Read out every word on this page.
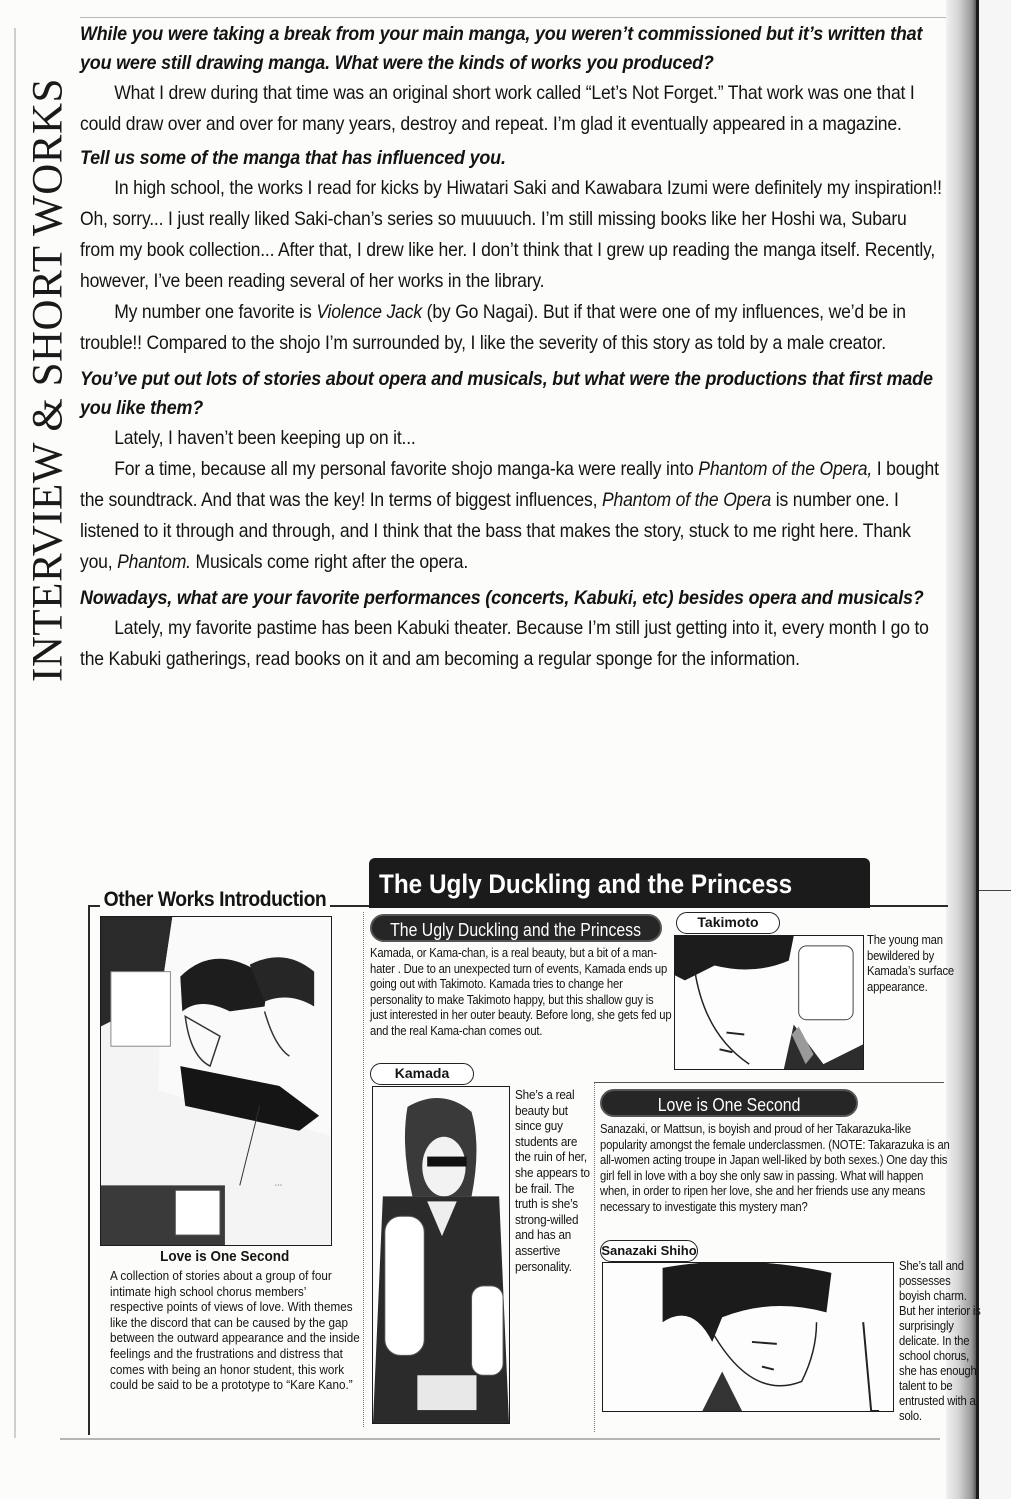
INTERVIEW & SHORT WORKS
While you were taking a break from your main manga, you weren’t commissioned but it’s written that you were still drawing manga. What were the kinds of works you produced?
What I drew during that time was an original short work called “Let’s Not Forget.” That work was one that I could draw over and over for many years, destroy and repeat. I’m glad it eventually appeared in a magazine.
Tell us some of the manga that has influenced you.
In high school, the works I read for kicks by Hiwatari Saki and Kawabara Izumi were definitely my inspiration!! Oh, sorry... I just really liked Saki-chan’s series so muuuuch. I’m still missing books like her Hoshi wa, Subaru from my book collection... After that, I drew like her. I don’t think that I grew up reading the manga itself. Recently, however, I’ve been reading several of her works in the library.
My number one favorite is Violence Jack (by Go Nagai). But if that were one of my influences, we’d be in trouble!! Compared to the shojo I’m surrounded by, I like the severity of this story as told by a male creator.
You’ve put out lots of stories about opera and musicals, but what were the productions that first made you like them?
Lately, I haven’t been keeping up on it...
For a time, because all my personal favorite shojo manga-ka were really into Phantom of the Opera, I bought the soundtrack. And that was the key! In terms of biggest influences, Phantom of the Opera is number one. I listened to it through and through, and I think that the bass that makes the story, stuck to me right here. Thank you, Phantom. Musicals come right after the opera.
Nowadays, what are your favorite performances (concerts, Kabuki, etc) besides opera and musicals?
Lately, my favorite pastime has been Kabuki theater. Because I’m still just getting into it, every month I go to the Kabuki gatherings, read books on it and am becoming a regular sponge for the information.
Other Works Introduction
The Ugly Duckling and the Princess
…
Love is One Second
A collection of stories about a group of four intimate high school chorus members’ respective points of views of love. With themes like the discord that can be caused by the gap between the outward appearance and the inside feelings and the frustrations and distress that comes with being an honor student, this work could be said to be a prototype to “Kare Kano.”
The Ugly Duckling and the Princess
Kamada, or Kama-chan, is a real beauty, but a bit of a man-hater . Due to an unexpected turn of events, Kamada ends up going out with Takimoto. Kamada tries to change her personality to make Takimoto happy, but this shallow guy is just interested in her outer beauty. Before long, she gets fed up and the real Kama-chan comes out.
Takimoto
The young man bewildered by Kamada’s surface appearance.
Kamada
She’s a real beauty but since guy students are the ruin of her, she appears to be frail. The truth is she’s strong-willed and has an assertive personality.
Love is One Second
Sanazaki, or Mattsun, is boyish and proud of her Takarazuka-like popularity amongst the female underclassmen. (NOTE: Takarazuka is an all-women acting troupe in Japan well-liked by both sexes.) One day this girl fell in love with a boy she only saw in passing. What will happen when, in order to ripen her love, she and her friends use any means necessary to investigate this mystery man?
Sanazaki Shiho
She’s tall and possesses boyish charm. But her interior is surprisingly delicate. In the school chorus, she has enough talent to be entrusted with a solo.
